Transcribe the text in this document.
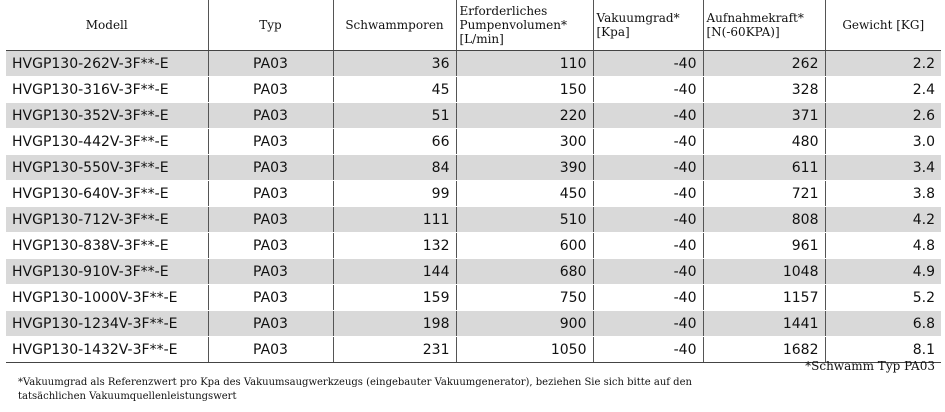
Modell	Typ	Schwammporen	Erforderliches Pumpenvolumen* [L/min]	Vakuumgrad* [Kpa]	Aufnahmekraft* [N(-60KPA)]	Gewicht [KG]
HVGP130-262V-3F**-E	PA03	36	110	-40	262	2.2
HVGP130-316V-3F**-E	PA03	45	150	-40	328	2.4
HVGP130-352V-3F**-E	PA03	51	220	-40	371	2.6
HVGP130-442V-3F**-E	PA03	66	300	-40	480	3.0
HVGP130-550V-3F**-E	PA03	84	390	-40	611	3.4
HVGP130-640V-3F**-E	PA03	99	450	-40	721	3.8
HVGP130-712V-3F**-E	PA03	111	510	-40	808	4.2
HVGP130-838V-3F**-E	PA03	132	600	-40	961	4.8
HVGP130-910V-3F**-E	PA03	144	680	-40	1048	4.9
HVGP130-1000V-3F**-E	PA03	159	750	-40	1157	5.2
HVGP130-1234V-3F**-E	PA03	198	900	-40	1441	6.8
HVGP130-1432V-3F**-E	PA03	231	1050	-40	1682	8.1
*Schwamm Typ PA03
*Vakuumgrad als Referenzwert pro Kpa des Vakuumsaugwerkzeugs (eingebauter Vakuumgenerator), beziehen Sie sich bitte auf den tatsächlichen Vakuumquellenleistungswert
